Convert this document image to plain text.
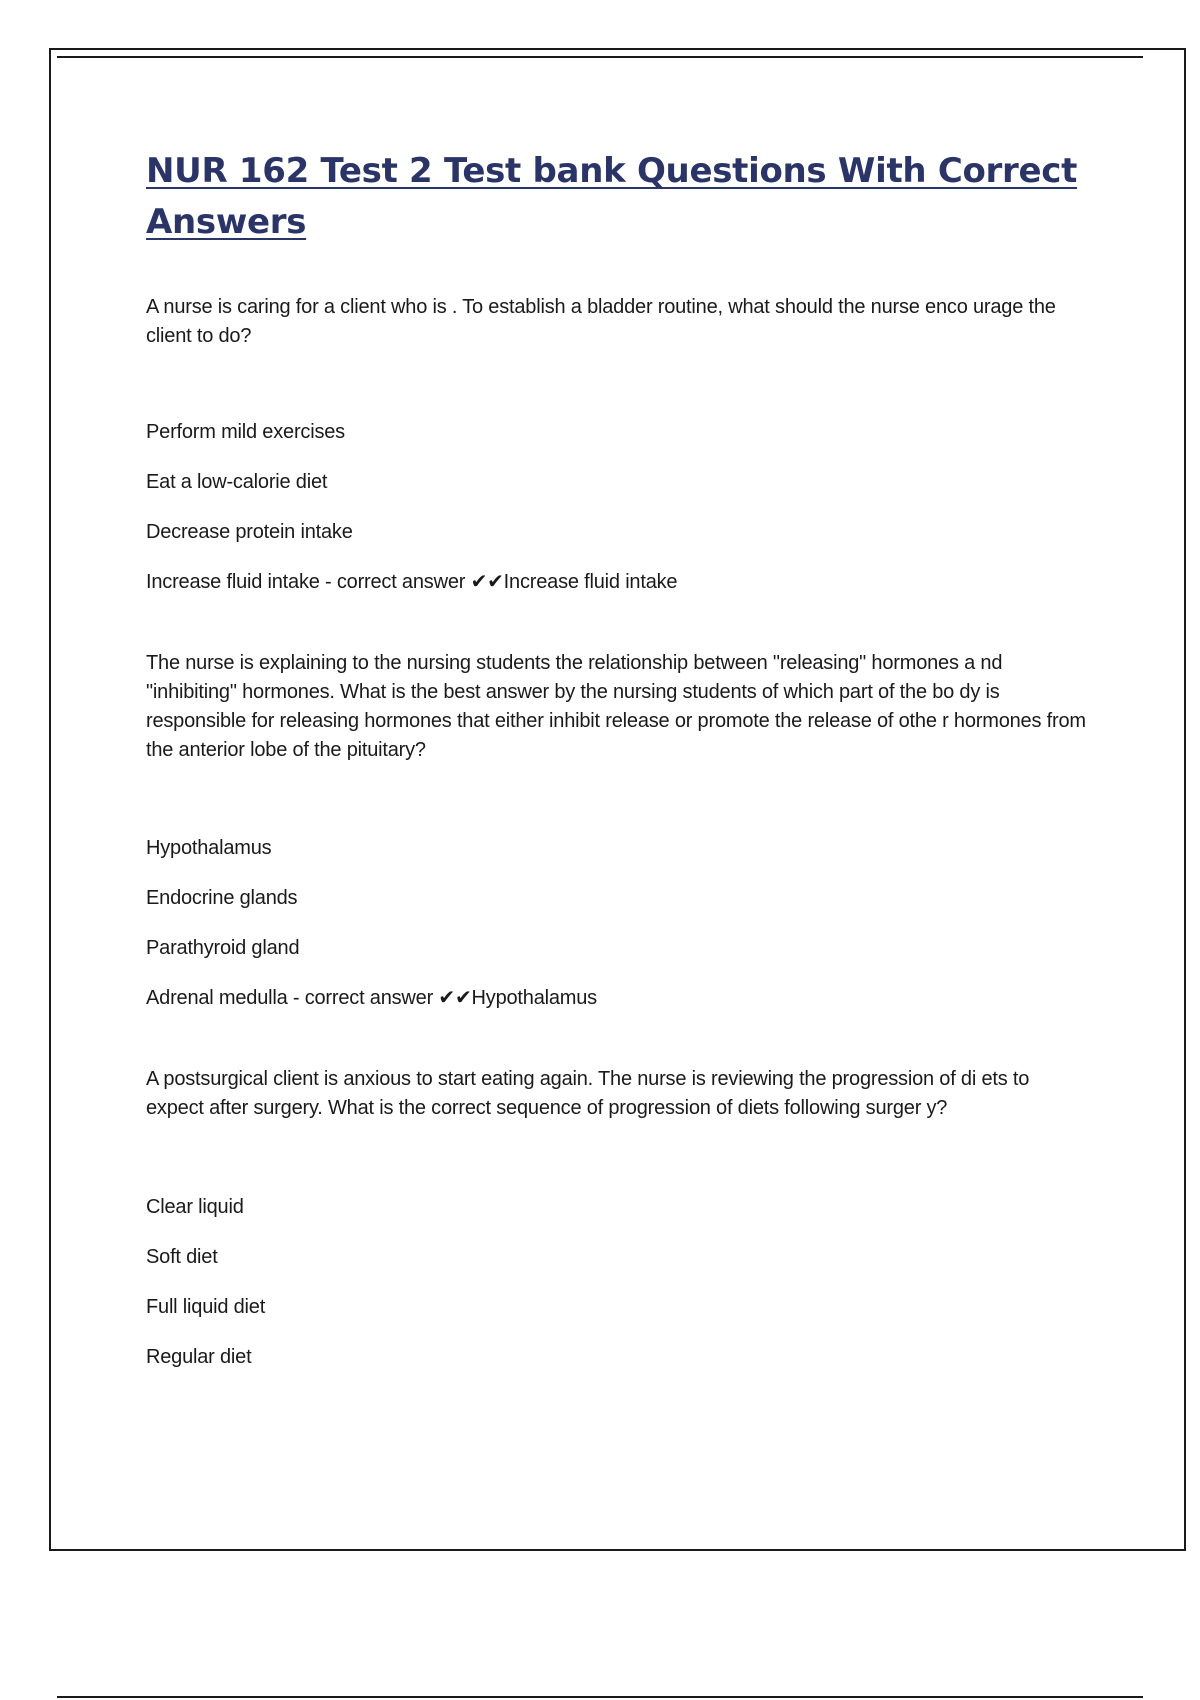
NUR 162 Test 2 Test bank Questions With Correct Answers

A nurse is caring for a client who is . To establish a bladder routine, what should the nurse enco urage the client to do?

Perform mild exercises
Eat a low-calorie diet
Decrease protein intake
Increase fluid intake - correct answer ✔✔Increase fluid intake

The nurse is explaining to the nursing students the relationship between "releasing" hormones a nd "inhibiting" hormones. What is the best answer by the nursing students of which part of the bo dy is responsible for releasing hormones that either inhibit release or promote the release of othe r hormones from the anterior lobe of the pituitary?

Hypothalamus
Endocrine glands
Parathyroid gland
Adrenal medulla - correct answer ✔✔Hypothalamus

A postsurgical client is anxious to start eating again. The nurse is reviewing the progression of di ets to expect after surgery. What is the correct sequence of progression of diets following surger y?

Clear liquid
Soft diet
Full liquid diet
Regular diet
